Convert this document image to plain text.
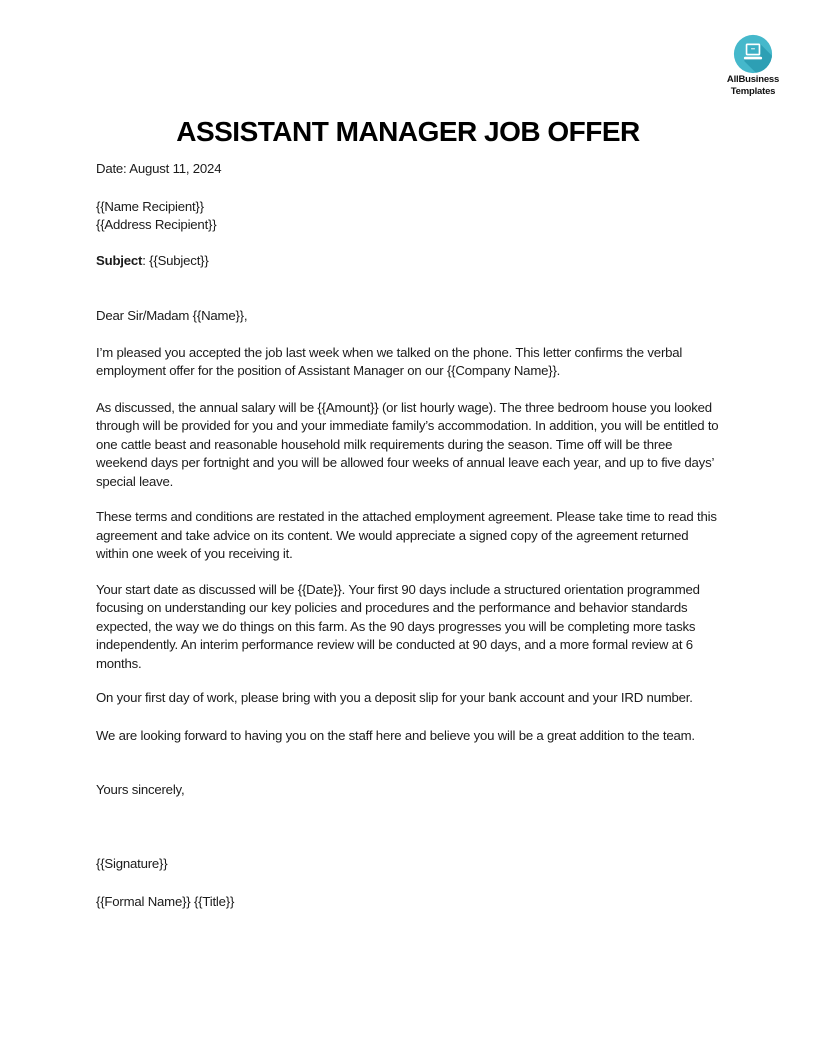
AllBusiness
Templates
ASSISTANT MANAGER JOB OFFER

Date: August 11, 2024

{{Name Recipient}}
{{Address Recipient}}

Subject: {{Subject}}

Dear Sir/Madam {{Name}},

I’m pleased you accepted the job last week when we talked on the phone. This letter confirms the verbal employment offer for the position of Assistant Manager on our {{Company Name}}.

As discussed, the annual salary will be {{Amount}} (or list hourly wage). The three bedroom house you looked through will be provided for you and your immediate family’s accommodation. In addition, you will be entitled to one cattle beast and reasonable household milk requirements during the season. Time off will be three weekend days per fortnight and you will be allowed four weeks of annual leave each year, and up to five days’ special leave.

These terms and conditions are restated in the attached employment agreement. Please take time to read this agreement and take advice on its content. We would appreciate a signed copy of the agreement returned within one week of you receiving it.

Your start date as discussed will be {{Date}}. Your first 90 days include a structured orientation programmed focusing on understanding our key policies and procedures and the performance and behavior standards expected, the way we do things on this farm. As the 90 days progresses you will be completing more tasks independently. An interim performance review will be conducted at 90 days, and a more formal review at 6 months.

On your first day of work, please bring with you a deposit slip for your bank account and your IRD number.

We are looking forward to having you on the staff here and believe you will be a great addition to the team.

Yours sincerely,

{{Signature}}

{{Formal Name}} {{Title}}
